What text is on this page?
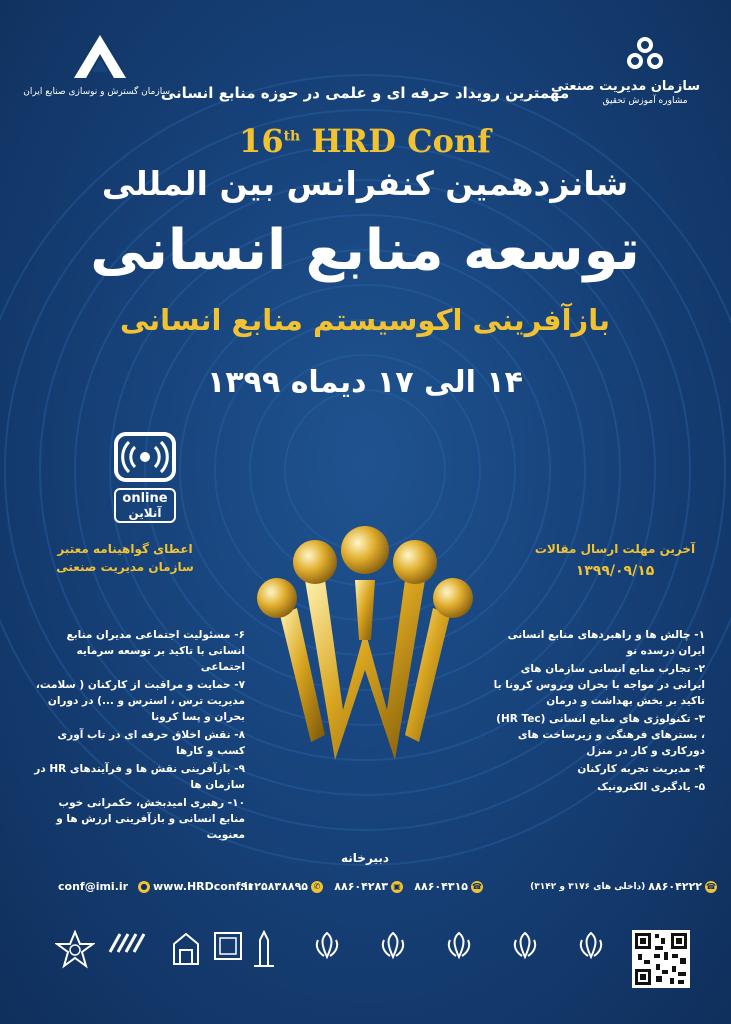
سازمان مدیریت صنعتی
مشاوره آموزش تحقیق
سازمان گسترش و نوسازی صنایع ایران
مهمترین رویداد حرفه ای و علمی در حوزه منابع انسانی
16th HRD Conf
شانزدهمین کنفرانس بین المللی
توسعه منابع انسانی
بازآفرینی اکوسیستم منابع انسانی
۱۴ الی ۱۷ دیماه ۱۳۹۹
online
آنلاین
اعطای گواهینامه معتبر
سازمان مدیریت صنعتی
آخرین مهلت ارسال مقالات
۱۳۹۹/۰۹/۱۵
۱- چالش ها و راهبردهای منابع انسانی ایران درسده نو
۲- تجارب منابع انسانی سازمان های ایرانی در مواجه با بحران ویروس کرونا با تاکید بر بخش بهداشت و درمان
۳- تکنولوژی های منابع انسانی (HR Tec) ، بسترهای فرهنگی و زیرساخت های دورکاری و کار در منزل
۴- مدیریت تجربه کارکنان
۵- یادگیری الکترونیک
۶- مسئولیت اجتماعی مدیران منابع انسانی با تاکید بر توسعه سرمایه اجتماعی
۷- حمایت و مراقبت از کارکنان ( سلامت، مدیریت ترس ، استرس و ...) در دوران بحران و پسا کرونا
۸- نقش اخلاق حرفه ای در تاب آوری کسب و کارها
۹- بازآفرینی نقش ها و فرآیندهای HR در سازمان ها
۱۰- رهبری امیدبخش، حکمرانی خوب منابع انسانی و بازآفرینی ارزش ها و معنویت
دبیرخانه
☎
۸۸۶۰۴۲۲۲
(داخلی های ۳۱۷۶ و ۳۱۴۲)
☎
۸۸۶۰۴۳۱۵
▣
۸۸۶۰۴۲۸۳
✆
۰۹۱۲۵۸۳۸۸۹۵
● www.HRDconf.ir
conf@imi.ir
